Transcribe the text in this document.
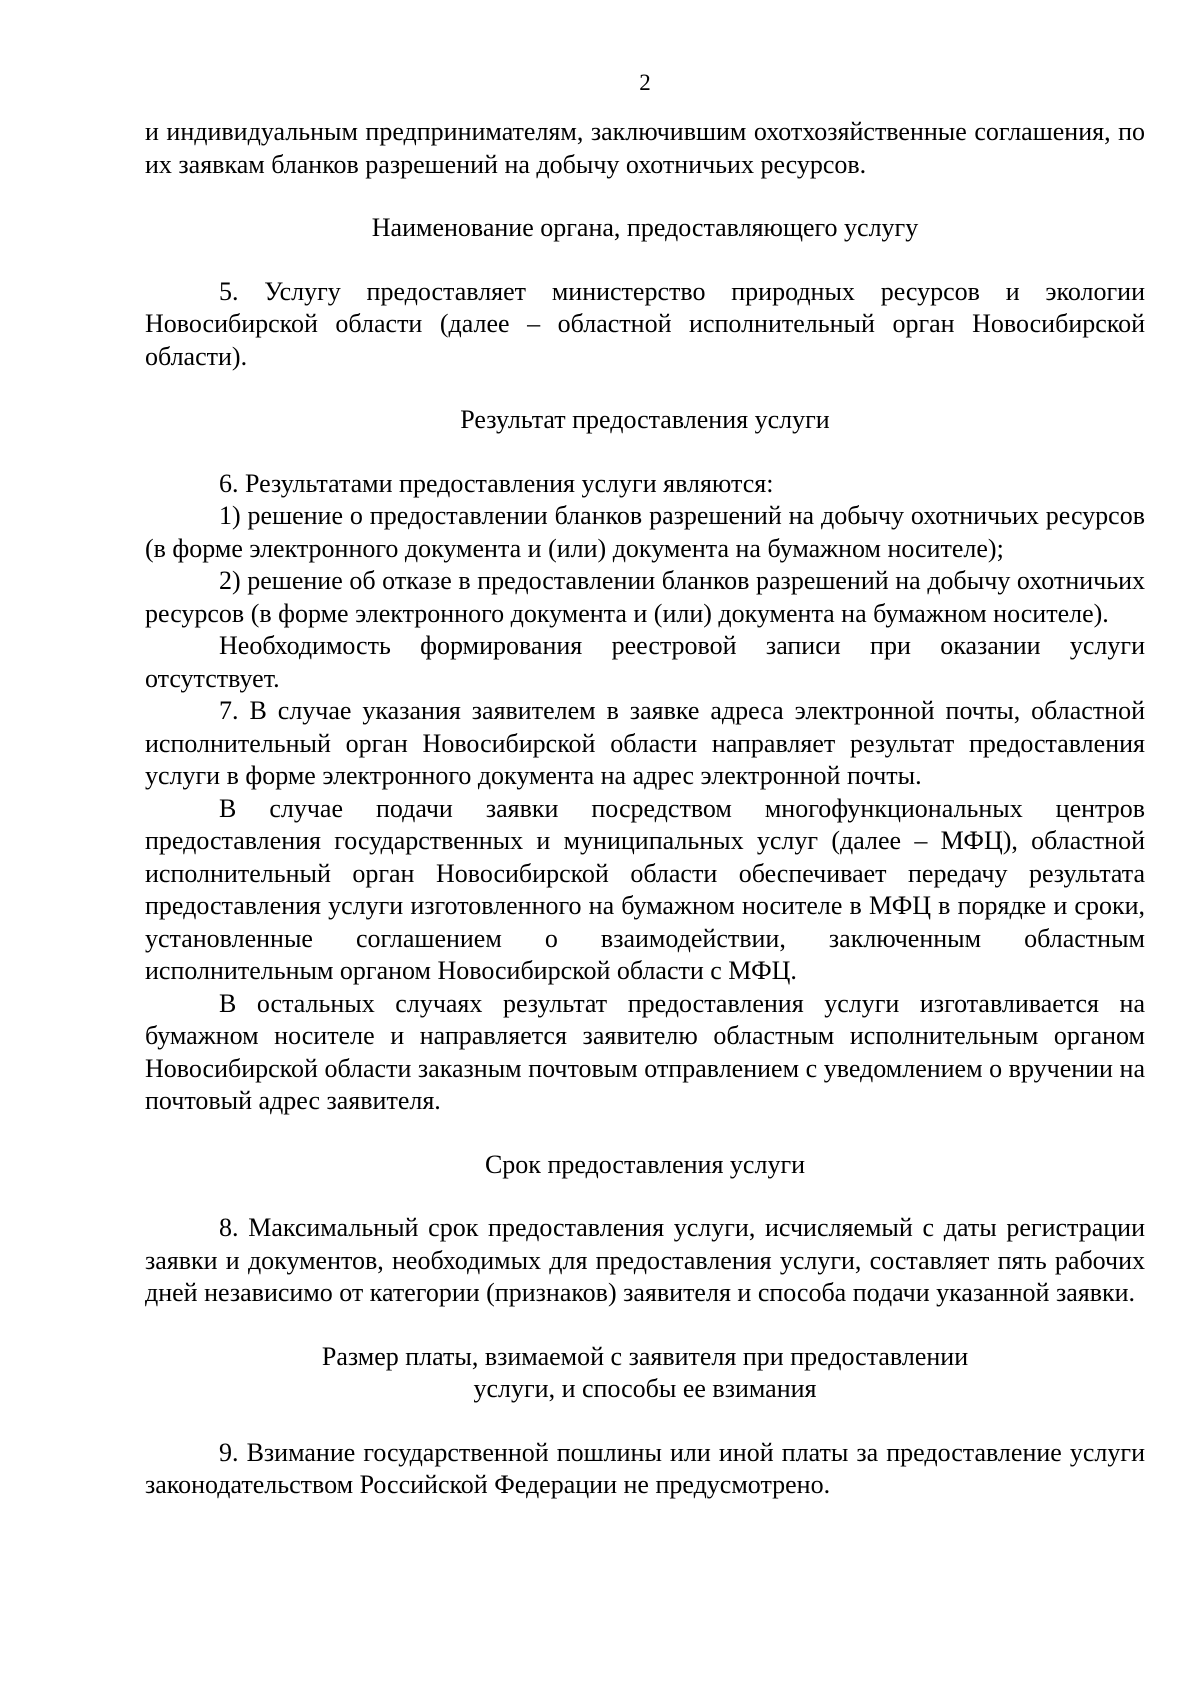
2

и индивидуальным предпринимателям, заключившим охотхозяйственные соглашения, по их заявкам бланков разрешений на добычу охотничьих ресурсов.

Наименование органа, предоставляющего услугу

5. Услугу предоставляет министерство природных ресурсов и экологии Новосибирской области (далее – областной исполнительный орган Новосибирской области).

Результат предоставления услуги

6. Результатами предоставления услуги являются:

1) решение о предоставлении бланков разрешений на добычу охотничьих ресурсов (в форме электронного документа и (или) документа на бумажном носителе);

2) решение об отказе в предоставлении бланков разрешений на добычу охотничьих ресурсов (в форме электронного документа и (или) документа на бумажном носителе).

Необходимость формирования реестровой записи при оказании услуги отсутствует.

7. В случае указания заявителем в заявке адреса электронной почты, областной исполнительный орган Новосибирской области направляет результат предоставления услуги в форме электронного документа на адрес электронной почты.

В случае подачи заявки посредством многофункциональных центров предоставления государственных и муниципальных услуг (далее – МФЦ), областной исполнительный орган Новосибирской области обеспечивает передачу результата предоставления услуги изготовленного на бумажном носителе в МФЦ в порядке и сроки, установленные соглашением о взаимодействии, заключенным областным исполнительным органом Новосибирской области с МФЦ.

В остальных случаях результат предоставления услуги изготавливается на бумажном носителе и направляется заявителю областным исполнительным органом Новосибирской области заказным почтовым отправлением с уведомлением о вручении на почтовый адрес заявителя.

Срок предоставления услуги

8. Максимальный срок предоставления услуги, исчисляемый с даты регистрации заявки и документов, необходимых для предоставления услуги, составляет пять рабочих дней независимо от категории (признаков) заявителя и способа подачи указанной заявки.

Размер платы, взимаемой с заявителя при предоставлении

услуги, и способы ее взимания

9. Взимание государственной пошлины или иной платы за предоставление услуги законодательством Российской Федерации не предусмотрено.
